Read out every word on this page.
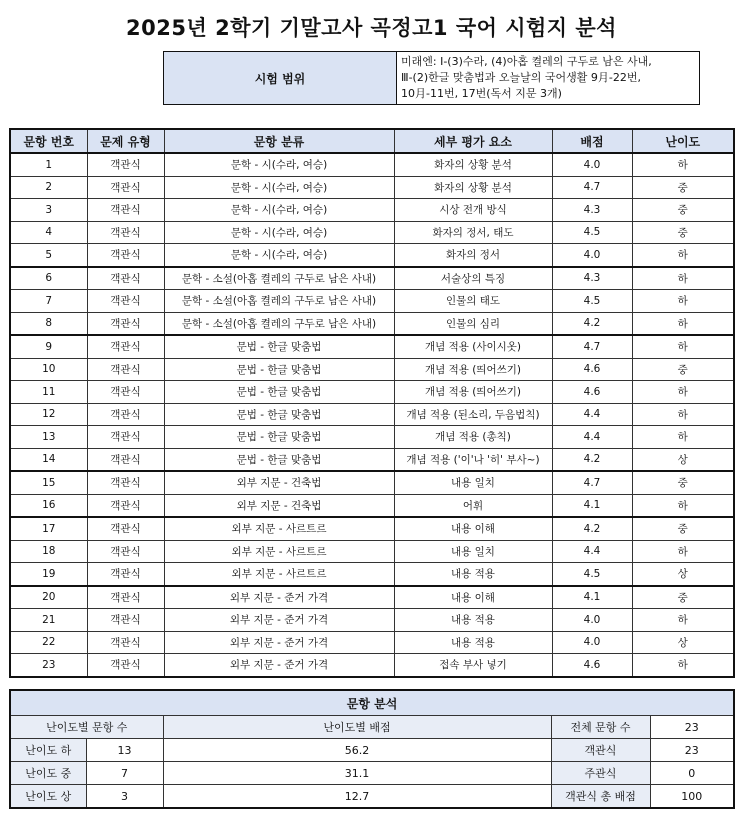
2025년 2학기 기말고사 곡정고1 국어 시험지 분석
시험 범위	
미래엔: Ⅰ-(3)수라, (4)아홉 켤레의 구두로 남은 사내,
Ⅲ-(2)한글 맞춤법과 오늘날의 국어생활 9月-22번,
10月-11번, 17번(독서 지문 3개)
문항 번호	문제 유형	문항 분류	세부 평가 요소	배점	난이도
1	객관식	문학 - 시(수라, 여승)	화자의 상황 분석	4.0	하
2	객관식	문학 - 시(수라, 여승)	화자의 상황 분석	4.7	중
3	객관식	문학 - 시(수라, 여승)	시상 전개 방식	4.3	중
4	객관식	문학 - 시(수라, 여승)	화자의 정서, 태도	4.5	중
5	객관식	문학 - 시(수라, 여승)	화자의 정서	4.0	하
6	객관식	문학 - 소설(아홉 켤레의 구두로 남은 사내)	서술상의 특징	4.3	하
7	객관식	문학 - 소설(아홉 켤레의 구두로 남은 사내)	인물의 태도	4.5	하
8	객관식	문학 - 소설(아홉 켤레의 구두로 남은 사내)	인물의 심리	4.2	하
9	객관식	문법 - 한글 맞춤법	개념 적용 (사이시옷)	4.7	하
10	객관식	문법 - 한글 맞춤법	개념 적용 (띄어쓰기)	4.6	중
11	객관식	문법 - 한글 맞춤법	개념 적용 (띄어쓰기)	4.6	하
12	객관식	문법 - 한글 맞춤법	개념 적용 (된소리, 두음법칙)	4.4	하
13	객관식	문법 - 한글 맞춤법	개념 적용 (총칙)	4.4	하
14	객관식	문법 - 한글 맞춤법	개념 적용 ('이'나 '히' 부사~)	4.2	상
15	객관식	외부 지문 - 건축법	내용 일치	4.7	중
16	객관식	외부 지문 - 건축법	어휘	4.1	하
17	객관식	외부 지문 - 사르트르	내용 이해	4.2	중
18	객관식	외부 지문 - 사르트르	내용 일치	4.4	하
19	객관식	외부 지문 - 사르트르	내용 적용	4.5	상
20	객관식	외부 지문 - 준거 가격	내용 이해	4.1	중
21	객관식	외부 지문 - 준거 가격	내용 적용	4.0	하
22	객관식	외부 지문 - 준거 가격	내용 적용	4.0	상
23	객관식	외부 지문 - 준거 가격	접속 부사 넣기	4.6	하
문항 분석				
난이도별 문항 수		난이도별 배점	전체 문항 수	23
난이도 하	13	56.2	객관식	23
난이도 중	7	31.1	주관식	0
난이도 상	3	12.7	객관식 총 배점	100
